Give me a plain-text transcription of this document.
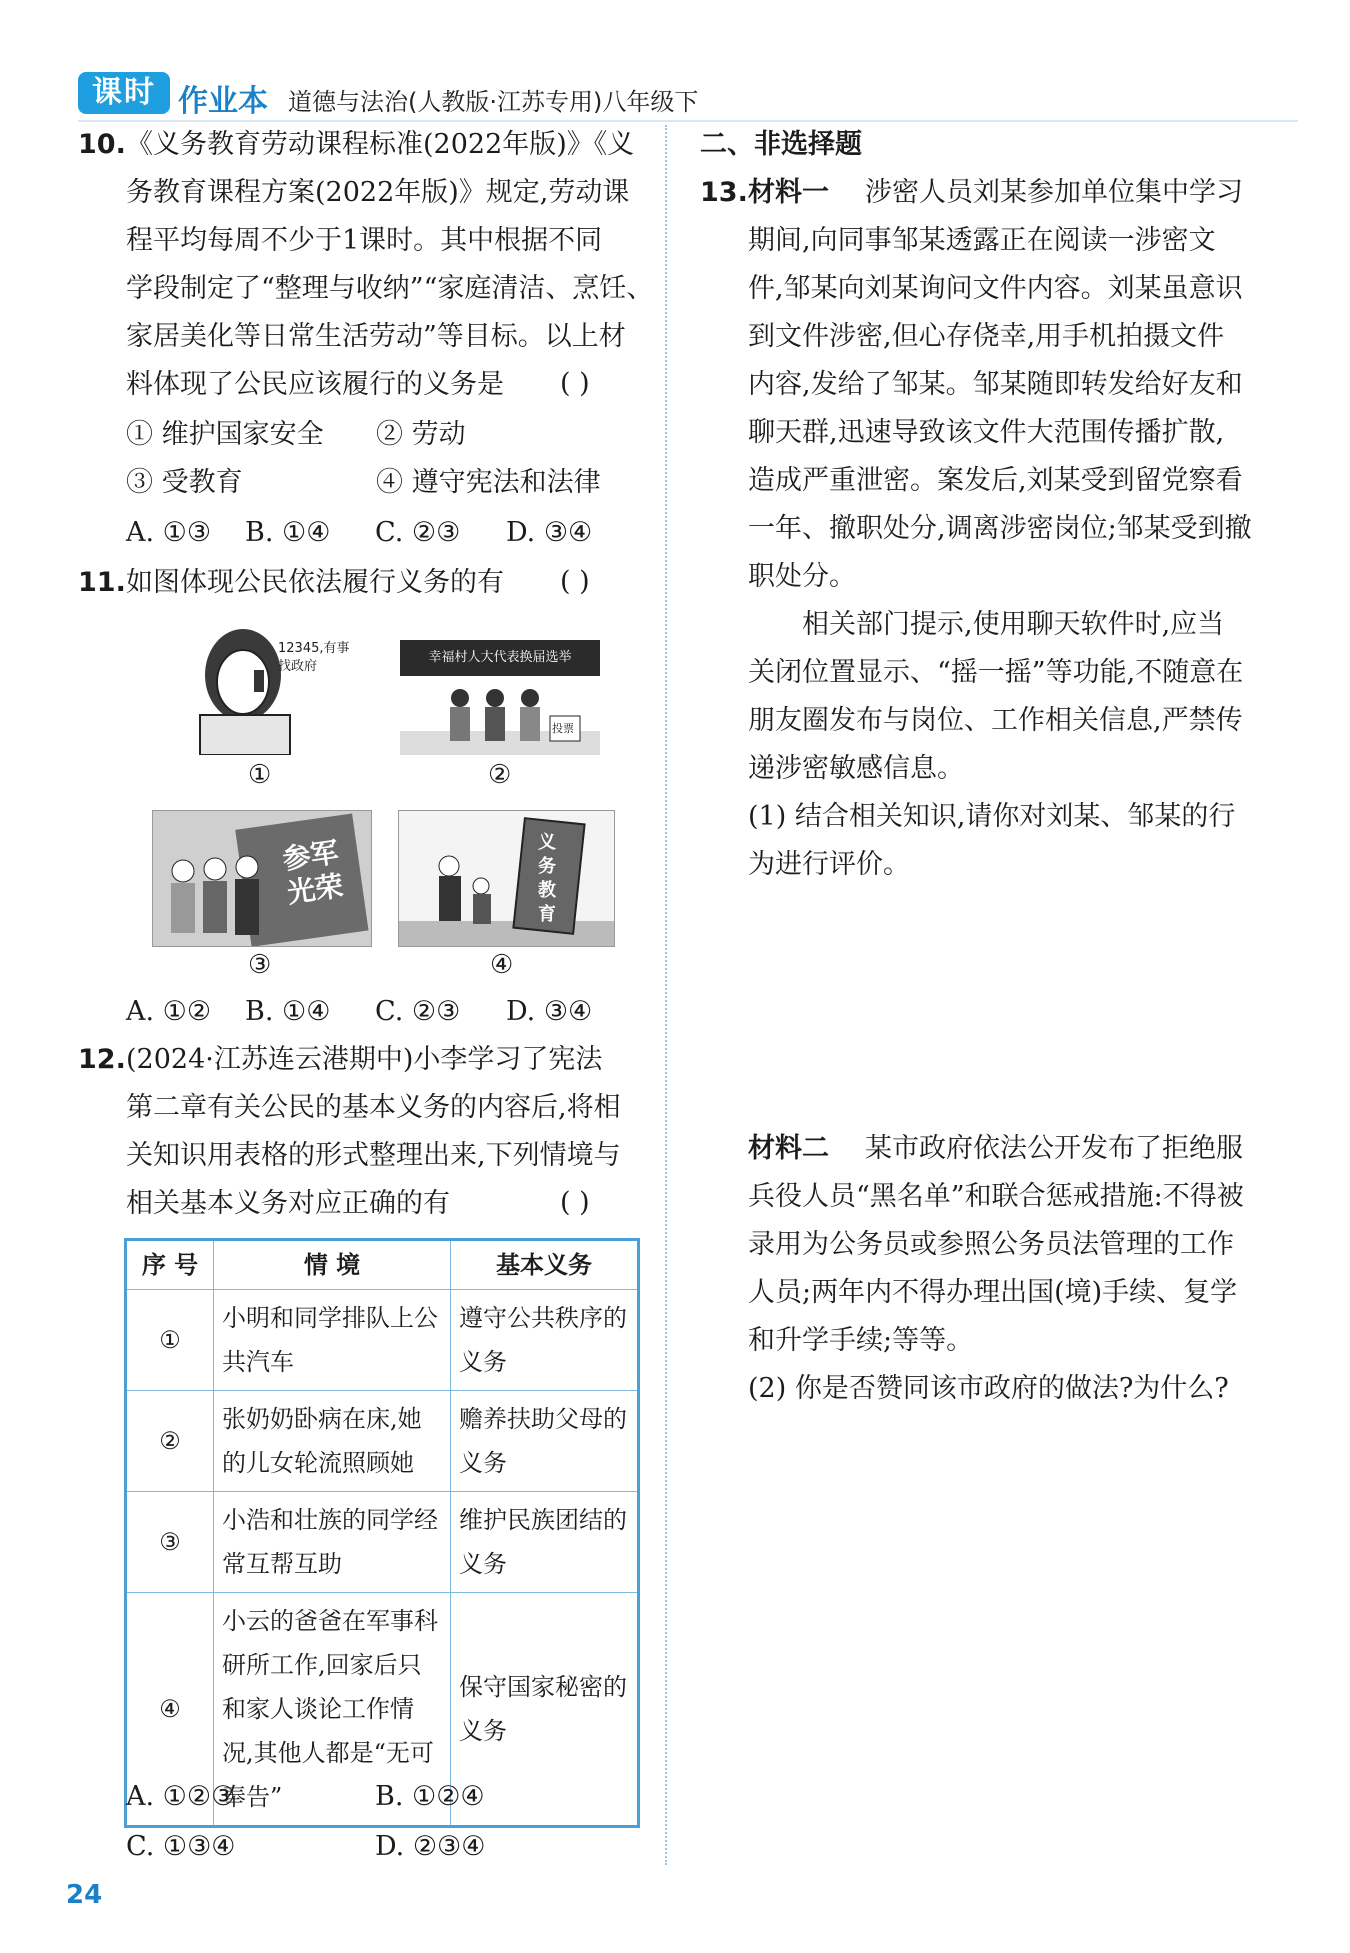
课时 作业本 道德与法治(人教版·江苏专用)八年级下
10. 《义务教育劳动课程标准(2022年版)》《义
务教育课程方案(2022年版)》规定,劳动课
程平均每周不少于1课时。其中根据不同
学段制定了“整理与收纳”“家庭清洁、烹饪、
家居美化等日常生活劳动”等目标。以上材
料体现了公民应该履行的义务是 ( )
① 维护国家安全 ② 劳动
③ 受教育	④ 遵守宪法和法律
A. ①③ B. ①④ C. ②③ D. ③④
11. 如图体现公民依法履行义务的有 ( )
12345,有事找政府
①
幸福村人大代表换届选举
投票
②
参军光荣
③
义务教育
④
A. ①② B. ①④ C. ②③ D. ③④
12. (2024·江苏连云港期中)小李学习了宪法
第二章有关公民的基本义务的内容后,将相
关知识用表格的形式整理出来,下列情境与
相关基本义务对应正确的有	( )
序 号	情 境	基本义务
①	小明和同学排队上公共汽车	遵守公共秩序的义务
②	张奶奶卧病在床,她的儿女轮流照顾她	赡养扶助父母的义务
③	小浩和壮族的同学经常互帮互助	维护民族团结的义务
④	小云的爸爸在军事科研所工作,回家后只和家人谈论工作情况,其他人都是“无可奉告”	保守国家秘密的义务
A. ①②③	B. ①②④
C. ①③④	D. ②③④
二、非选择题
13. 材料一 涉密人员刘某参加单位集中学习
期间,向同事邹某透露正在阅读一涉密文
件,邹某向刘某询问文件内容。刘某虽意识
到文件涉密,但心存侥幸,用手机拍摄文件
内容,发给了邹某。邹某随即转发给好友和
聊天群,迅速导致该文件大范围传播扩散,
造成严重泄密。案发后,刘某受到留党察看
一年、撤职处分,调离涉密岗位;邹某受到撤
职处分。
相关部门提示,使用聊天软件时,应当
关闭位置显示、“摇一摇”等功能,不随意在
朋友圈发布与岗位、工作相关信息,严禁传
递涉密敏感信息。
(1) 结合相关知识,请你对刘某、邹某的行
为进行评价。
材料二 某市政府依法公开发布了拒绝服
兵役人员“黑名单”和联合惩戒措施:不得被
录用为公务员或参照公务员法管理的工作
人员;两年内不得办理出国(境)手续、复学
和升学手续;等等。
(2) 你是否赞同该市政府的做法?为什么?
24
